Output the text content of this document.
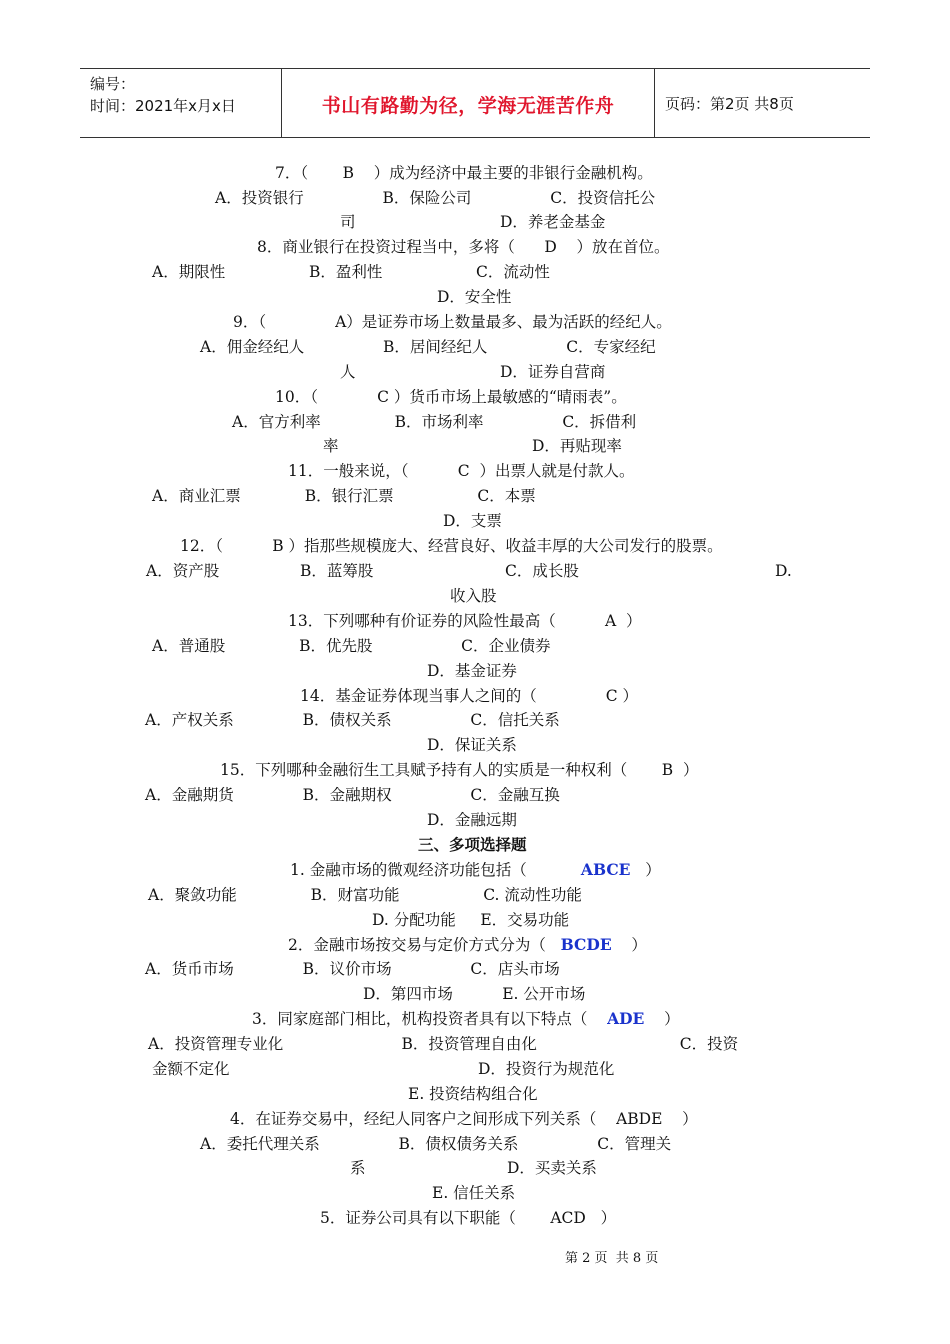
编号：
时间：2021年x月x日	书山有路勤为径，学海无涯苦作舟	页码：第2页 共8页
7．（       B    ）成为经济中最主要的非银行金融机构。
A．投资银行                B．保险公司                C．投资信托公
司	D．养老金基金
8．商业银行在投资过程当中，多将（      D    ）放在首位。
A．期限性                 B．盈利性                   C．流动性
D．安全性
9．（              A）是证券市场上数量最多、最为活跃的经纪人。
A．佣金经纪人                B．居间经纪人                C．专家经纪
人	D．证券自营商
10．（            C ）货币市场上最敏感的“晴雨表”。
A．官方利率               B．市场利率                C．拆借利
率	D．再贴现率
11．一般来说，（          C  ）出票人就是付款人。
A．商业汇票             B．银行汇票                 C．本票
D．支票
12．（          B ）指那些规模庞大、经营良好、收益丰厚的大公司发行的股票。
A．资产股	B．蓝筹股	C．成长股	D.
收入股
13．下列哪种有价证券的风险性最高（          A  ）
A．普通股               B．优先股                  C．企业债券
D．基金证券
14．基金证券体现当事人之间的（              C ）
A．产权关系              B．债权关系                C．信托关系
D．保证关系
15．下列哪种金融衍生工具赋予持有人的实质是一种权利（       B  ）
A．金融期货              B．金融期权                C．金融互换
D．金融远期
三、多项选择题
1. 金融市场的微观经济功能包括（           ABCE   ）
A．聚敛功能               B．财富功能                 C. 流动性功能
D. 分配功能     E．交易功能
2．金融市场按交易与定价方式分为（   BCDE    ）
A．货币市场              B．议价市场                C．店头市场
D．第四市场          E. 公开市场
3．同家庭部门相比，机构投资者具有以下特点（    ADE    ）
A．投资管理专业化                        B．投资管理自由化                             C．投资
金额不定化	D．投资行为规范化
E. 投资结构组合化
4．在证券交易中，经纪人同客户之间形成下列关系（    ABDE    ）
A．委托代理关系                B．债权债务关系                C．管理关
系	D．买卖关系
E. 信任关系
5．证券公司具有以下职能（       ACD   ）
第 2 页  共 8 页
